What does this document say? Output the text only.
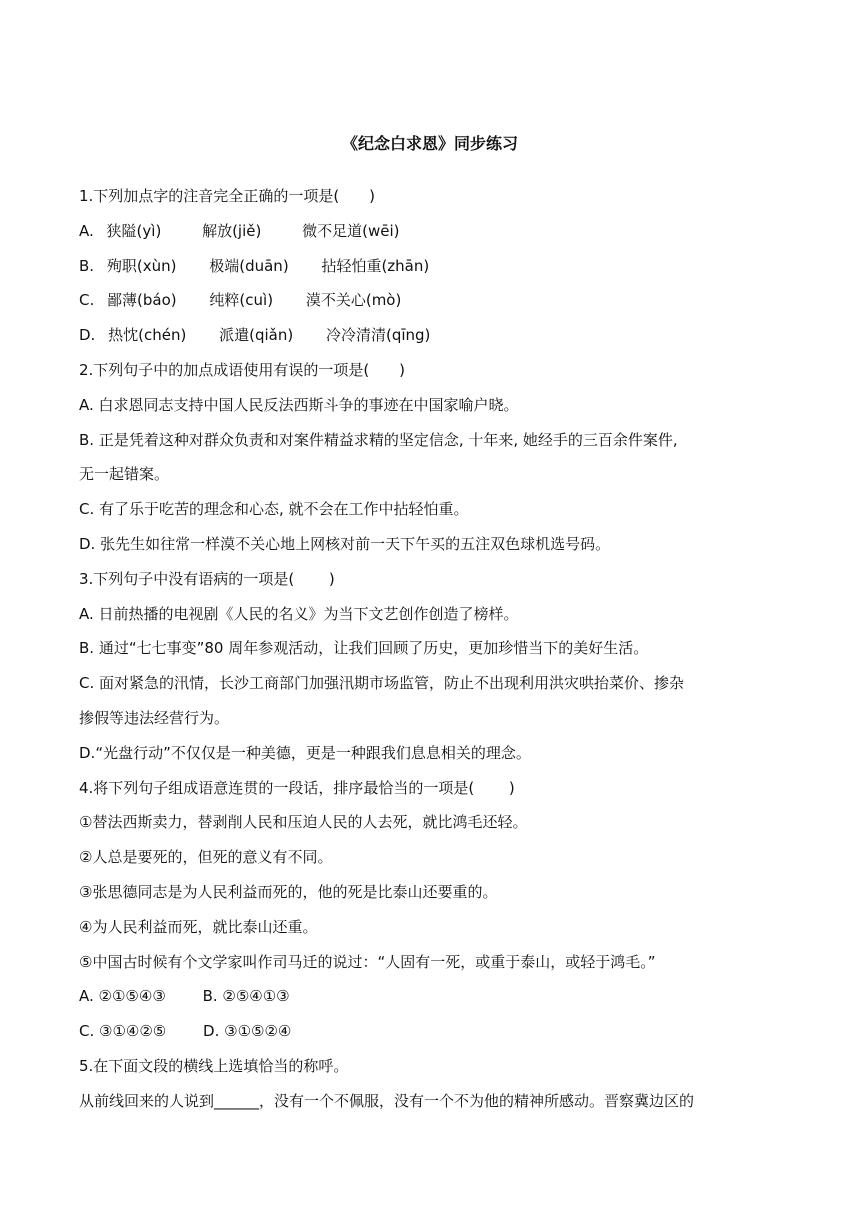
《纪念白求恩》同步练习
1.下列加点字的注音完全正确的一项是(　　)
A. 狭隘(yì)	解放(jiě)	微不足道(wēi)
B. 殉职(xùn) 极端(duān) 拈轻怕重(zhān)
C. 鄙薄(báo) 纯粹(cuì) 漠不关心(mò)
D. 热忱(chén) 派遣(qiǎn) 冷冷清清(qīng)
2.下列句子中的加点成语使用有误的一项是(　　)
A. 白求恩同志支持中国人民反法西斯斗争的事迹在中国家喻户晓。
B. 正是凭着这种对群众负责和对案件精益求精的坚定信念, 十年来, 她经手的三百余件案件,
无一起错案。
C. 有了乐于吃苦的理念和心态, 就不会在工作中拈轻怕重。
D. 张先生如往常一样漠不关心地上网核对前一天下午买的五注双色球机选号码。
3.下列句子中没有语病的一项是(　　 )
A. 日前热播的电视剧《人民的名义》为当下文艺创作创造了榜样。
B. 通过“七七事变”80 周年参观活动，让我们回顾了历史，更加珍惜当下的美好生活。
C. 面对紧急的汛情，长沙工商部门加强汛期市场监管，防止不出现利用洪灾哄抬菜价、掺杂
掺假等违法经营行为。
D.“光盘行动”不仅仅是一种美德，更是一种跟我们息息相关的理念。
4.将下列句子组成语意连贯的一段话，排序最恰当的一项是(　　 )
①替法西斯卖力，替剥削人民和压迫人民的人去死，就比鸿毛还轻。
②人总是要死的，但死的意义有不同。
③张思德同志是为人民利益而死的，他的死是比泰山还要重的。
④为人民利益而死，就比泰山还重。
⑤中国古时候有个文学家叫作司马迁的说过：“人固有一死，或重于泰山，或轻于鸿毛。”
A. ②①⑤④③ B. ②⑤④①③
C. ③①④②⑤ D. ③①⑤②④
5.在下面文段的横线上选填恰当的称呼。
从前线回来的人说到______，没有一个不佩服，没有一个不为他的精神所感动。晋察冀边区的
